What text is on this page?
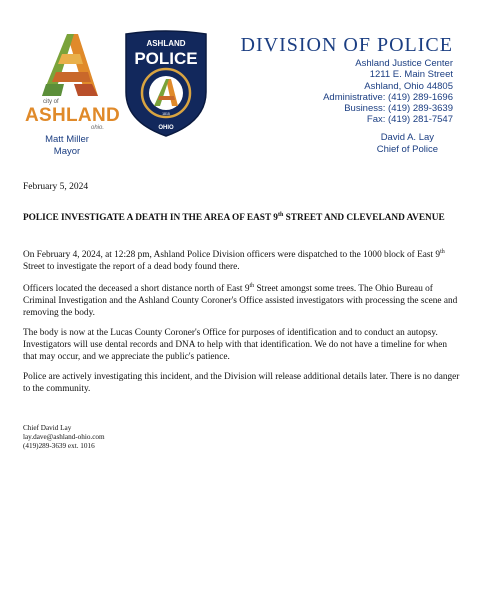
city of
ASHLAND
ohio.
Matt Miller
Mayor
ASHLAND
POLICE
1815
OHIO
DIVISION OF POLICE
Ashland Justice Center
1211 E. Main Street
Ashland, Ohio 44805
Administrative: (419) 289-1696
Business: (419) 289-3639
Fax: (419) 281-7547
David A. Lay
Chief of Police
February 5, 2024
POLICE INVESTIGATE A DEATH IN THE AREA OF EAST 9th STREET AND CLEVELAND AVENUE

On February 4, 2024, at 12:28 pm, Ashland Police Division officers were dispatched to the 1000 block of East 9th Street to investigate the report of a dead body found there.

Officers located the deceased a short distance north of East 9th Street amongst some trees. The Ohio Bureau of Criminal Investigation and the Ashland County Coroner's Office assisted investigators with processing the scene and removing the body.

The body is now at the Lucas County Coroner's Office for purposes of identification and to conduct an autopsy. Investigators will use dental records and DNA to help with that identification. We do not have a timeline for when that may occur, and we appreciate the public's patience.

Police are actively investigating this incident, and the Division will release additional details later. There is no danger to the community.

Chief David Lay
lay.dave@ashland-ohio.com
(419)289-3639 ext. 1016
